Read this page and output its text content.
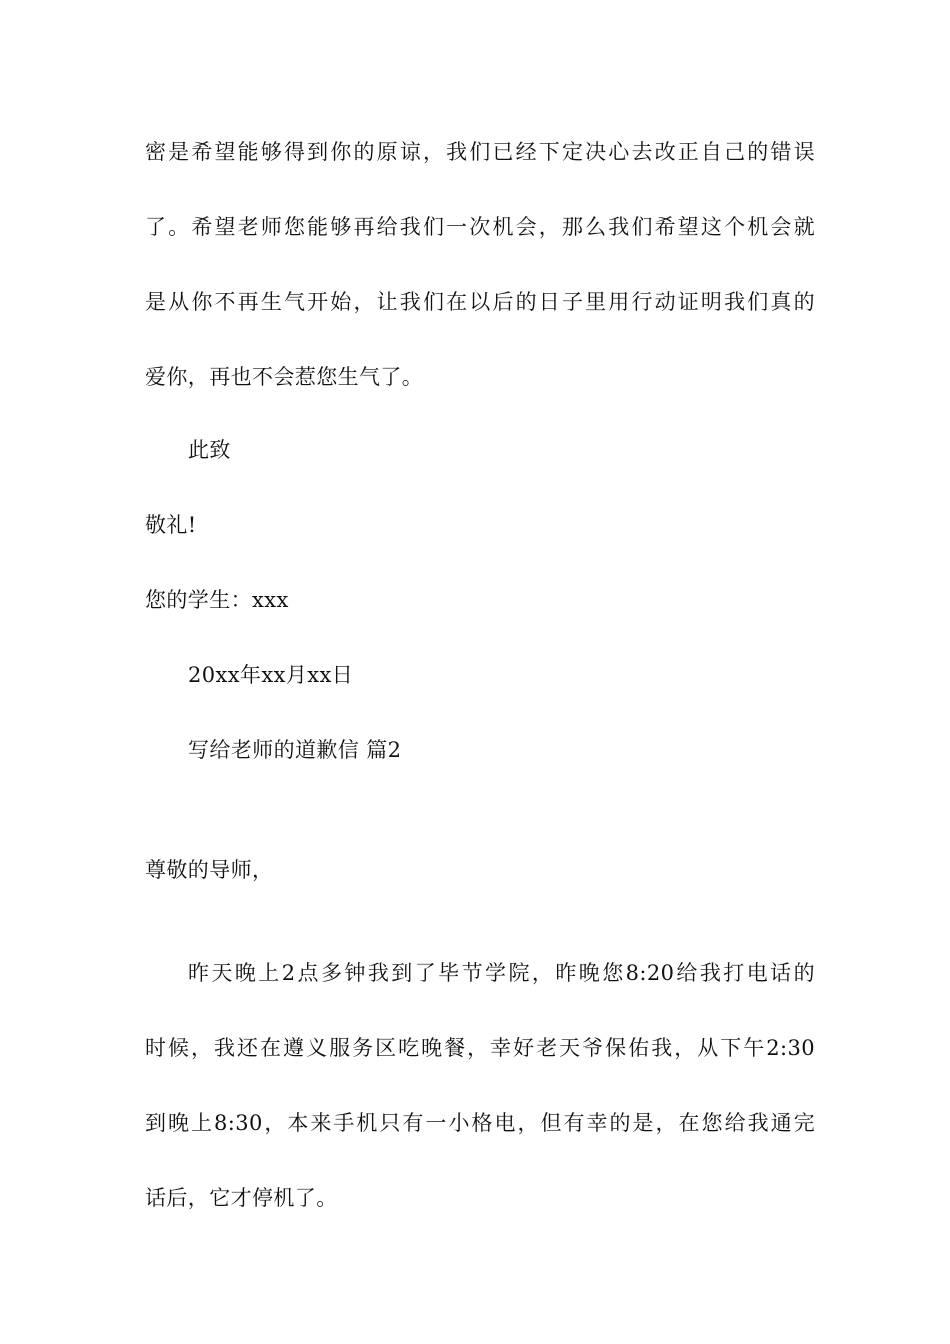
密是希望能够得到你的原谅，我们已经下定决心去改正自己的错误
了。希望老师您能够再给我们一次机会，那么我们希望这个机会就
是从你不再生气开始，让我们在以后的日子里用行动证明我们真的
爱你，再也不会惹您生气了。
此致
敬礼!
您的学生：xxx
20xx年xx月xx日
写给老师的道歉信 篇2
尊敬的导师，
昨天晚上2点多钟我到了毕节学院，昨晚您8:20给我打电话的
时候，我还在遵义服务区吃晚餐，幸好老天爷保佑我，从下午2:30
到晚上8:30，本来手机只有一小格电，但有幸的是，在您给我通完
话后，它才停机了。
